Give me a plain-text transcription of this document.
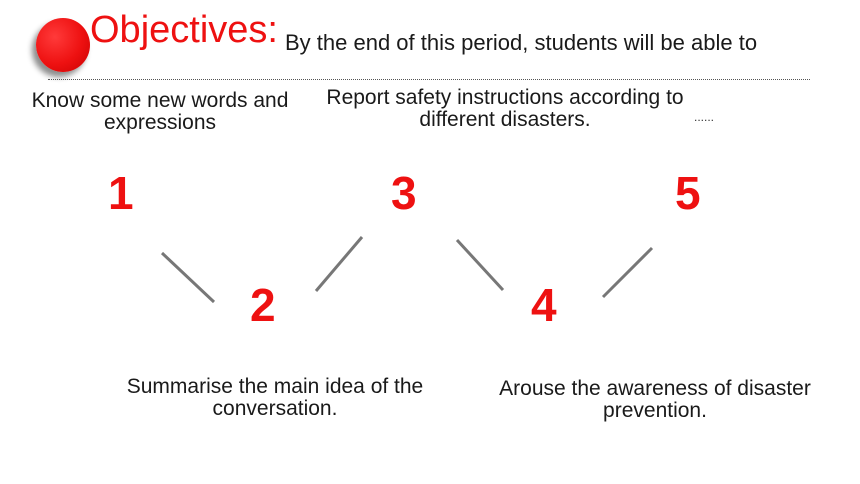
Objectives: By the end of this period, students will be able to
Know some new words and expressions
Report safety instructions according to different disasters.	......
1
2
3
4
5
Summarise the main idea of the conversation.
Arouse the awareness of disaster prevention.
